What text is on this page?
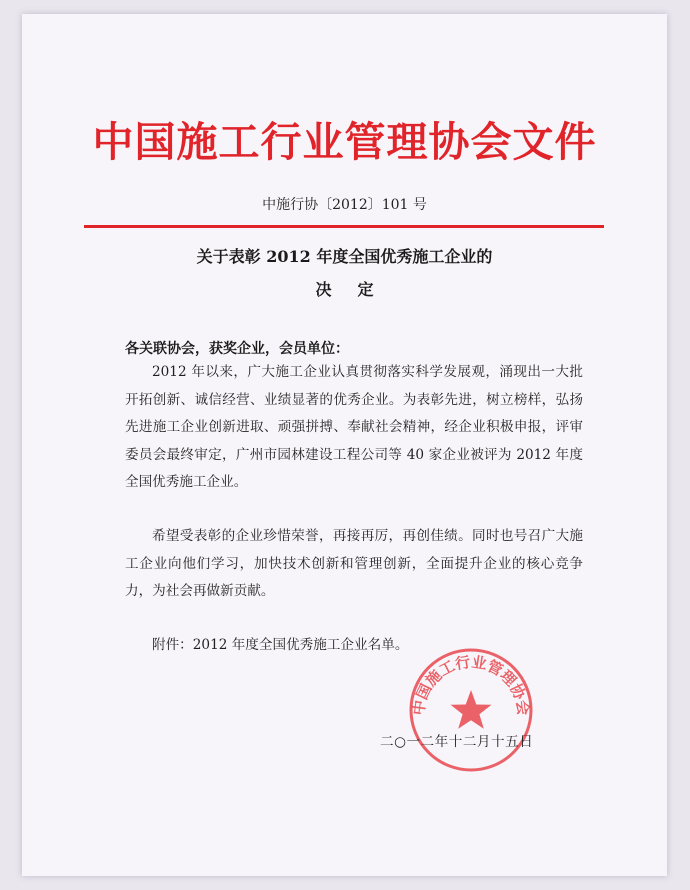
中国施工行业管理协会文件
中施行协〔2012〕101 号
关于表彰 2012 年度全国优秀施工企业的
决定
各关联协会，获奖企业，会员单位：
2012 年以来，广大施工企业认真贯彻落实科学发展观，涌现出一大批开拓创新、诚信经营、业绩显著的优秀企业。为表彰先进，树立榜样，弘扬先进施工企业创新进取、顽强拼搏、奉献社会精神，经企业积极申报，评审委员会最终审定，广州市园林建设工程公司等 40 家企业被评为 2012 年度全国优秀施工企业。
希望受表彰的企业珍惜荣誉，再接再厉，再创佳绩。同时也号召广大施工企业向他们学习，加快技术创新和管理创新，全面提升企业的核心竞争力，为社会再做新贡献。
附件：2012 年度全国优秀施工企业名单。
中国施工行业管理协会
二○一二年十二月十五日
